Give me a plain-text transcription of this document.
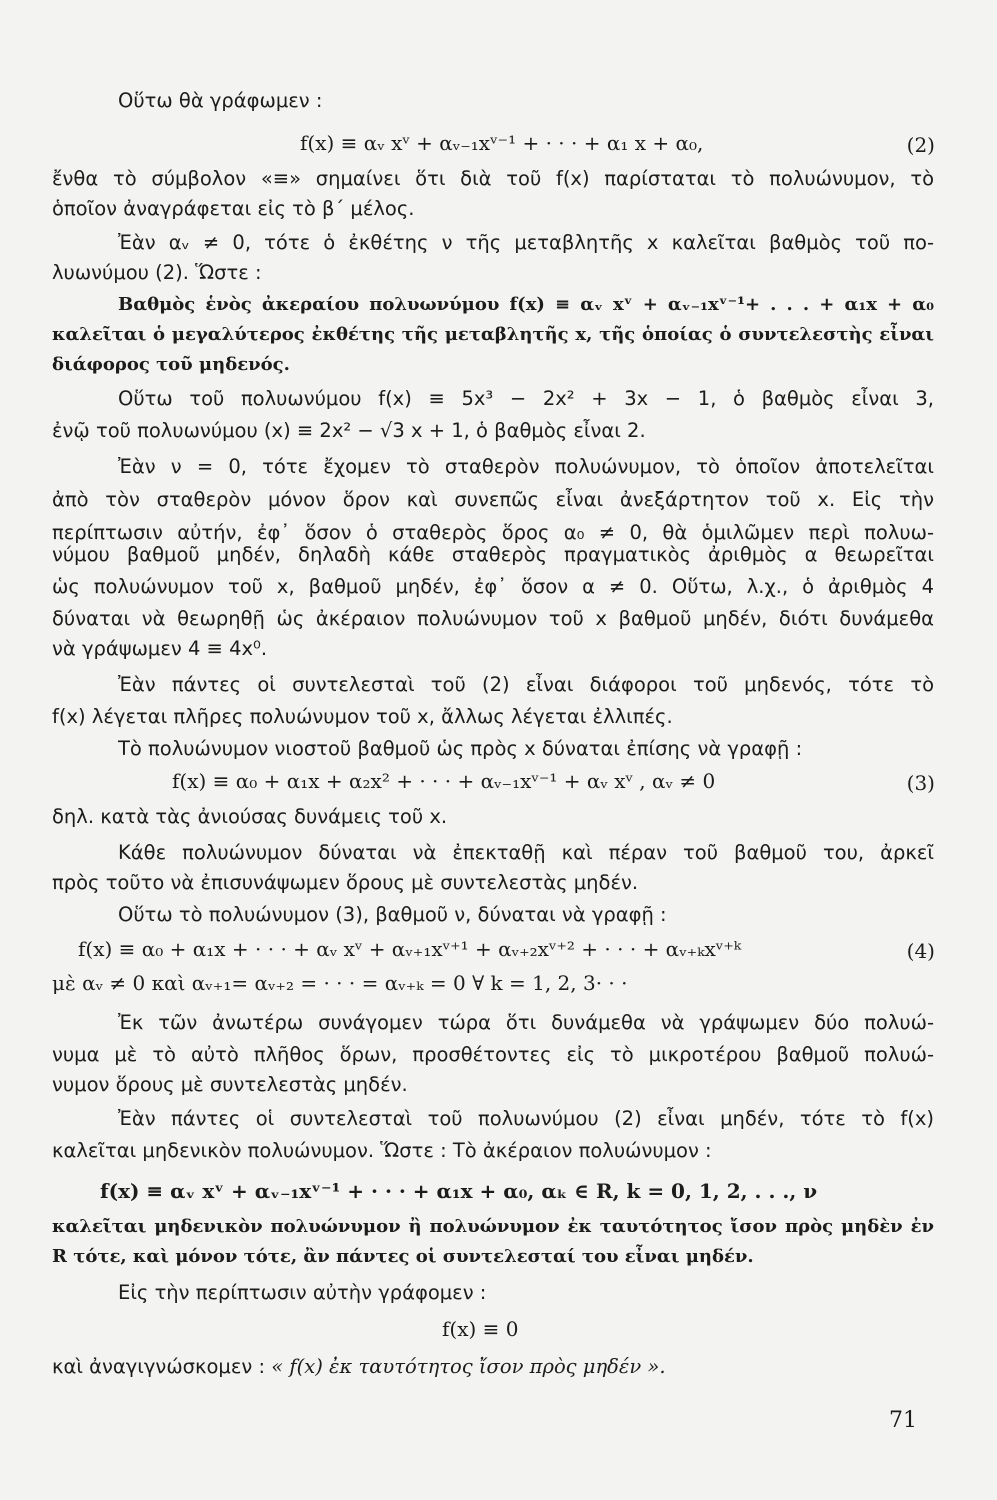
Οὕτω θὰ γράφωμεν :
f(x) ≡ αᵥ xᵛ + αᵥ₋₁xᵛ⁻¹ + · · · + α₁ x + α₀,	(2)
ἔνθα τὸ σύμβολον «≡» σημαίνει ὅτι διὰ τοῦ f(x) παρίσταται τὸ πολυώνυμον, τὸ
ὁποῖον ἀναγράφεται εἰς τὸ β΄ μέλος.
Ἐὰν αᵥ ≠ 0, τότε ὁ ἐκθέτης ν τῆς μεταβλητῆς x καλεῖται βαθμὸς τοῦ πο-
λυωνύμου (2). Ὥστε :
Βαθμὸς ἑνὸς ἀκεραίου πολυωνύμου f(x) ≡ αᵥ xᵛ + αᵥ₋₁xᵛ⁻¹+ . . . + α₁x + α₀
καλεῖται ὁ μεγαλύτερος ἐκθέτης τῆς μεταβλητῆς x, τῆς ὁποίας ὁ συντελεστὴς εἶναι
διάφορος τοῦ μηδενός.
Οὕτω τοῦ πολυωνύμου f(x) ≡ 5x³ − 2x² + 3x − 1, ὁ βαθμὸς εἶναι 3,
ἐνῷ τοῦ πολυωνύμου (x) ≡ 2x² − √3 x + 1, ὁ βαθμὸς εἶναι 2.
Ἐὰν ν = 0, τότε ἔχομεν τὸ σταθερὸν πολυώνυμον, τὸ ὁποῖον ἀποτελεῖται
ἀπὸ τὸν σταθερὸν μόνον ὅρον καὶ συνεπῶς εἶναι ἀνεξάρτητον τοῦ x. Εἰς τὴν
περίπτωσιν αὐτήν, ἐφ᾽ ὅσον ὁ σταθερὸς ὅρος α₀ ≠ 0, θὰ ὁμιλῶμεν περὶ πολυω-
νύμου βαθμοῦ μηδέν, δηλαδὴ κάθε σταθερὸς πραγματικὸς ἀριθμὸς α θεωρεῖται
ὡς πολυώνυμον τοῦ x, βαθμοῦ μηδέν, ἐφ᾽ ὅσον α ≠ 0. Οὕτω, λ.χ., ὁ ἀριθμὸς 4
δύναται νὰ θεωρηθῇ ὡς ἀκέραιον πολυώνυμον τοῦ x βαθμοῦ μηδέν, διότι δυνάμεθα
νὰ γράψωμεν 4 ≡ 4x⁰.
Ἐὰν πάντες οἱ συντελεσταὶ τοῦ (2) εἶναι διάφοροι τοῦ μηδενός, τότε τὸ
f(x) λέγεται πλῆρες πολυώνυμον τοῦ x, ἄλλως λέγεται ἐλλιπές.
Τὸ πολυώνυμον νιοστοῦ βαθμοῦ ὡς πρὸς x δύναται ἐπίσης νὰ γραφῇ :
f(x) ≡ α₀ + α₁x + α₂x² + · · · + αᵥ₋₁xᵛ⁻¹ + αᵥ xᵛ , αᵥ ≠ 0	(3)
δηλ. κατὰ τὰς ἀνιούσας δυνάμεις τοῦ x.
Κάθε πολυώνυμον δύναται νὰ ἐπεκταθῇ καὶ πέραν τοῦ βαθμοῦ του, ἀρκεῖ
πρὸς τοῦτο νὰ ἐπισυνάψωμεν ὅρους μὲ συντελεστὰς μηδέν.
Οὕτω τὸ πολυώνυμον (3), βαθμοῦ ν, δύναται νὰ γραφῇ :
f(x) ≡ α₀ + α₁x + · · · + αᵥ xᵛ + αᵥ₊₁xᵛ⁺¹ + αᵥ₊₂xᵛ⁺² + · · · + αᵥ₊ₖxᵛ⁺ᵏ	(4)
μὲ αᵥ ≠ 0 καὶ αᵥ₊₁= αᵥ₊₂ = · · · = αᵥ₊ₖ = 0 ∀ k = 1, 2, 3· · ·
Ἐκ τῶν ἀνωτέρω συνάγομεν τώρα ὅτι δυνάμεθα νὰ γράψωμεν δύο πολυώ-
νυμα μὲ τὸ αὐτὸ πλῆθος ὅρων, προσθέτοντες εἰς τὸ μικροτέρου βαθμοῦ πολυώ-
νυμον ὅρους μὲ συντελεστὰς μηδέν.
Ἐὰν πάντες οἱ συντελεσταὶ τοῦ πολυωνύμου (2) εἶναι μηδέν, τότε τὸ f(x)
καλεῖται μηδενικὸν πολυώνυμον. Ὥστε : Τὸ ἀκέραιον πολυώνυμον :
f(x) ≡ αᵥ xᵛ + αᵥ₋₁xᵛ⁻¹ + · · · + α₁x + α₀, αₖ ∈ R, k = 0, 1, 2, . . ., ν
καλεῖται μηδενικὸν πολυώνυμον ἢ πολυώνυμον ἐκ ταυτότητος ἴσον πρὸς μηδὲν ἐν
R τότε, καὶ μόνον τότε, ἂν πάντες οἱ συντελεσταί του εἶναι μηδέν.
Εἰς τὴν περίπτωσιν αὐτὴν γράφομεν :
f(x) ≡ 0
καὶ ἀναγιγνώσκομεν : « f(x) ἐκ ταυτότητος ἴσον πρὸς μηδέν ».
71
